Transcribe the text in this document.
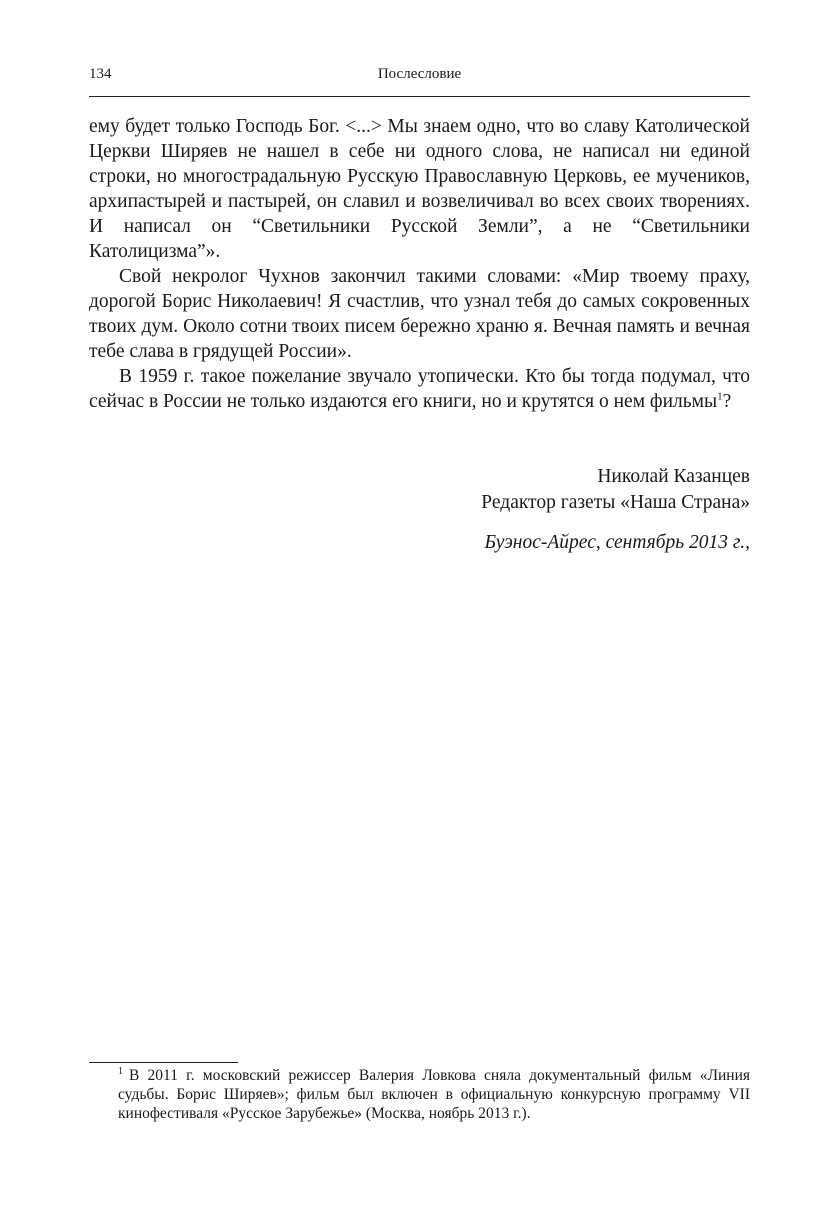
134	Послесловие

ему будет только Господь Бог. <...> Мы знаем одно, что во славу Католической Церкви Ширяев не нашел в себе ни одного слова, не написал ни единой строки, но многострадальную Русскую Православную Церковь, ее мучеников, архипастырей и пастырей, он славил и возвеличивал во всех своих творениях. И написал он “Светильники Русской Земли”, а не “Светильники Католицизма”».

Свой некролог Чухнов закончил такими словами: «Мир твоему праху, дорогой Борис Николаевич! Я счастлив, что узнал тебя до самых сокровенных твоих дум. Около сотни твоих писем бережно храню я. Вечная память и вечная тебе слава в грядущей России».

В 1959 г. такое пожелание звучало утопически. Кто бы тогда подумал, что сейчас в России не только издаются его книги, но и крутятся о нем фильмы$^1$?

Николай Казанцев
Редактор газеты «Наша Страна»
Буэнос-Айрес, сентябрь 2013 г.,
$^1$ В 2011 г. московский режиссер Валерия Ловкова сняла документальный фильм «Линия судьбы. Борис Ширяев»; фильм был включен в официальную конкурсную программу VII кинофестиваля «Русское Зарубежье» (Москва, ноябрь 2013 г.).
